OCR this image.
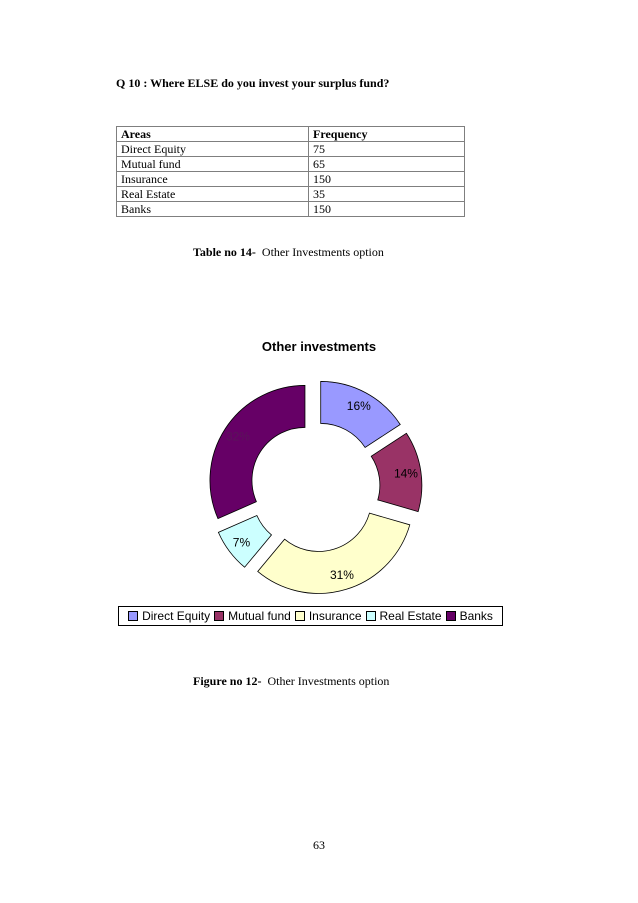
Q 10 : Where ELSE do you invest your surplus fund?
Areas	Frequency
Direct Equity	75
Mutual fund	65
Insurance	150
Real Estate	35
Banks	150
Table no 14- Other Investments option
Other investments
16%
14%
31%
7%
32%
Direct Equity Mutual fund Insurance Real Estate Banks
Figure no 12- Other Investments option
63
